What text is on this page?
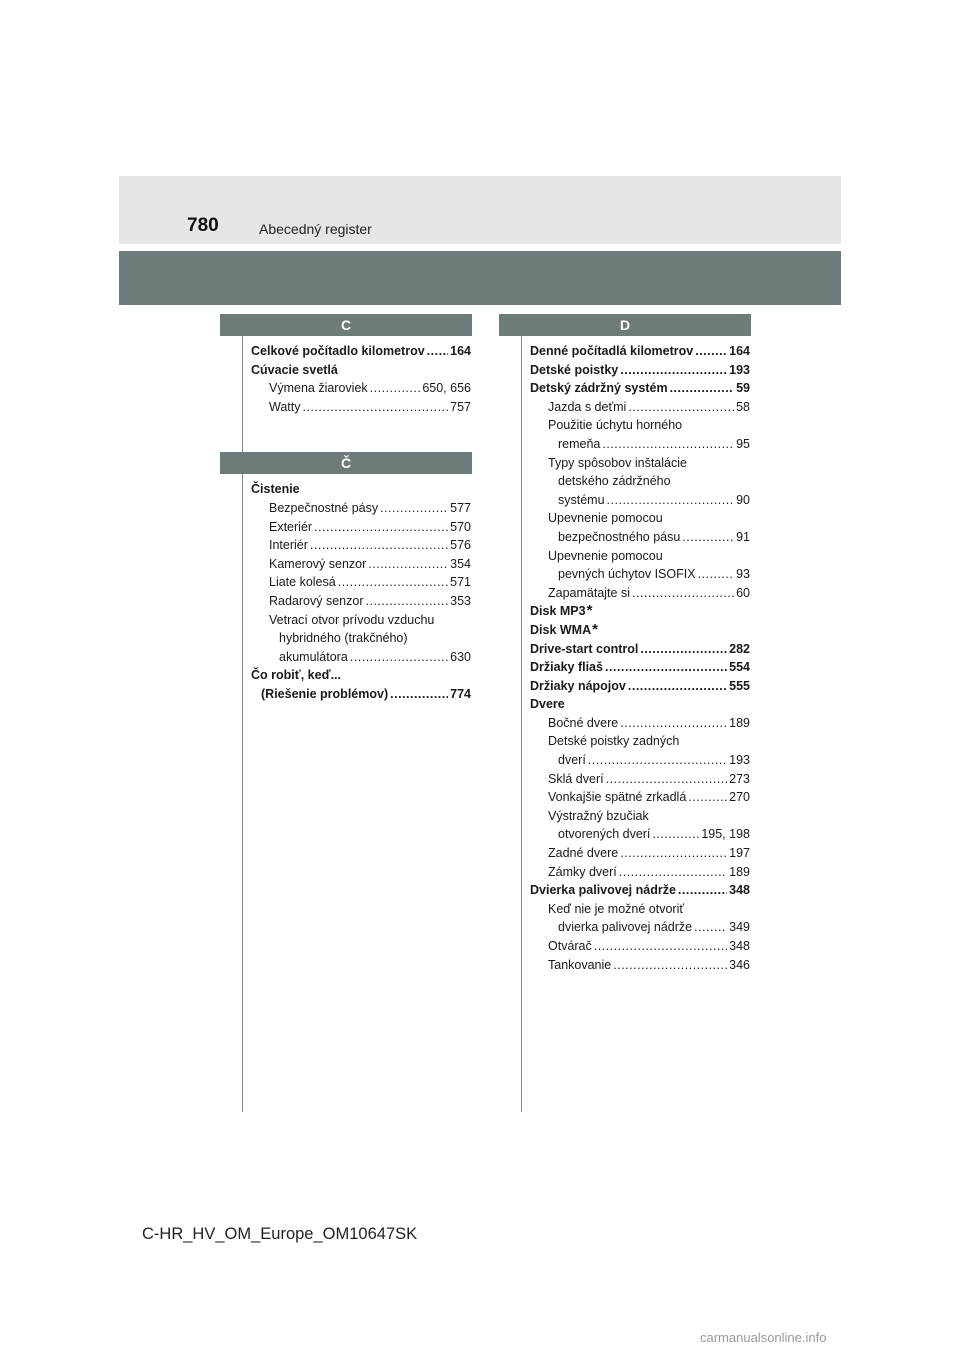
780	Abecedný register
C
Celkové počítadlo kilometrov ..... 164
Cúvacie svetlá
Výmena žiaroviek .....	650, 656
Watty .....	757
Č
Čistenie
Bezpečnostné pásy .....	577
Exteriér .....	570
Interiér .....	576
Kamerový senzor .....	354
Liate kolesá .....	571
Radarový senzor .....	353
Vetrací otvor prívodu vzduchu
hybridného (trakčného)
akumulátora .....	630
Čo robiť, keď...
(Riešenie problémov) .....	774
D
Denné počítadlá kilometrov .....	164
Detské poistky .....	193
Detský zádržný systém .....	59
Jazda s deťmi .....	58
Použitie úchytu horného
remeňa .....	95
Typy spôsobov inštalácie
detského zádržného
systému .....	90
Upevnenie pomocou
bezpečnostného pásu .....	91
Upevnenie pomocou
pevných úchytov ISOFIX .....	93
Zapamätajte si .....	60
Disk MP3 *
Disk WMA *
Drive-start control .....	282
Držiaky fliaš .....	554
Držiaky nápojov .....	555
Dvere
Bočné dvere .....	189
Detské poistky zadných
dverí .....	193
Sklá dverí .....	273
Vonkajšie spätné zrkadlá .....	270
Výstražný bzučiak
otvorených dverí .....	195, 198
Zadné dvere .....	197
Zámky dverí .....	189
Dvierka palivovej nádrže .....	348
Keď nie je možné otvoriť
dvierka palivovej nádrže .....	349
Otvárač .....	348
Tankovanie .....	346
C-HR_HV_OM_Europe_OM10647SK
carmanualsonline.info
